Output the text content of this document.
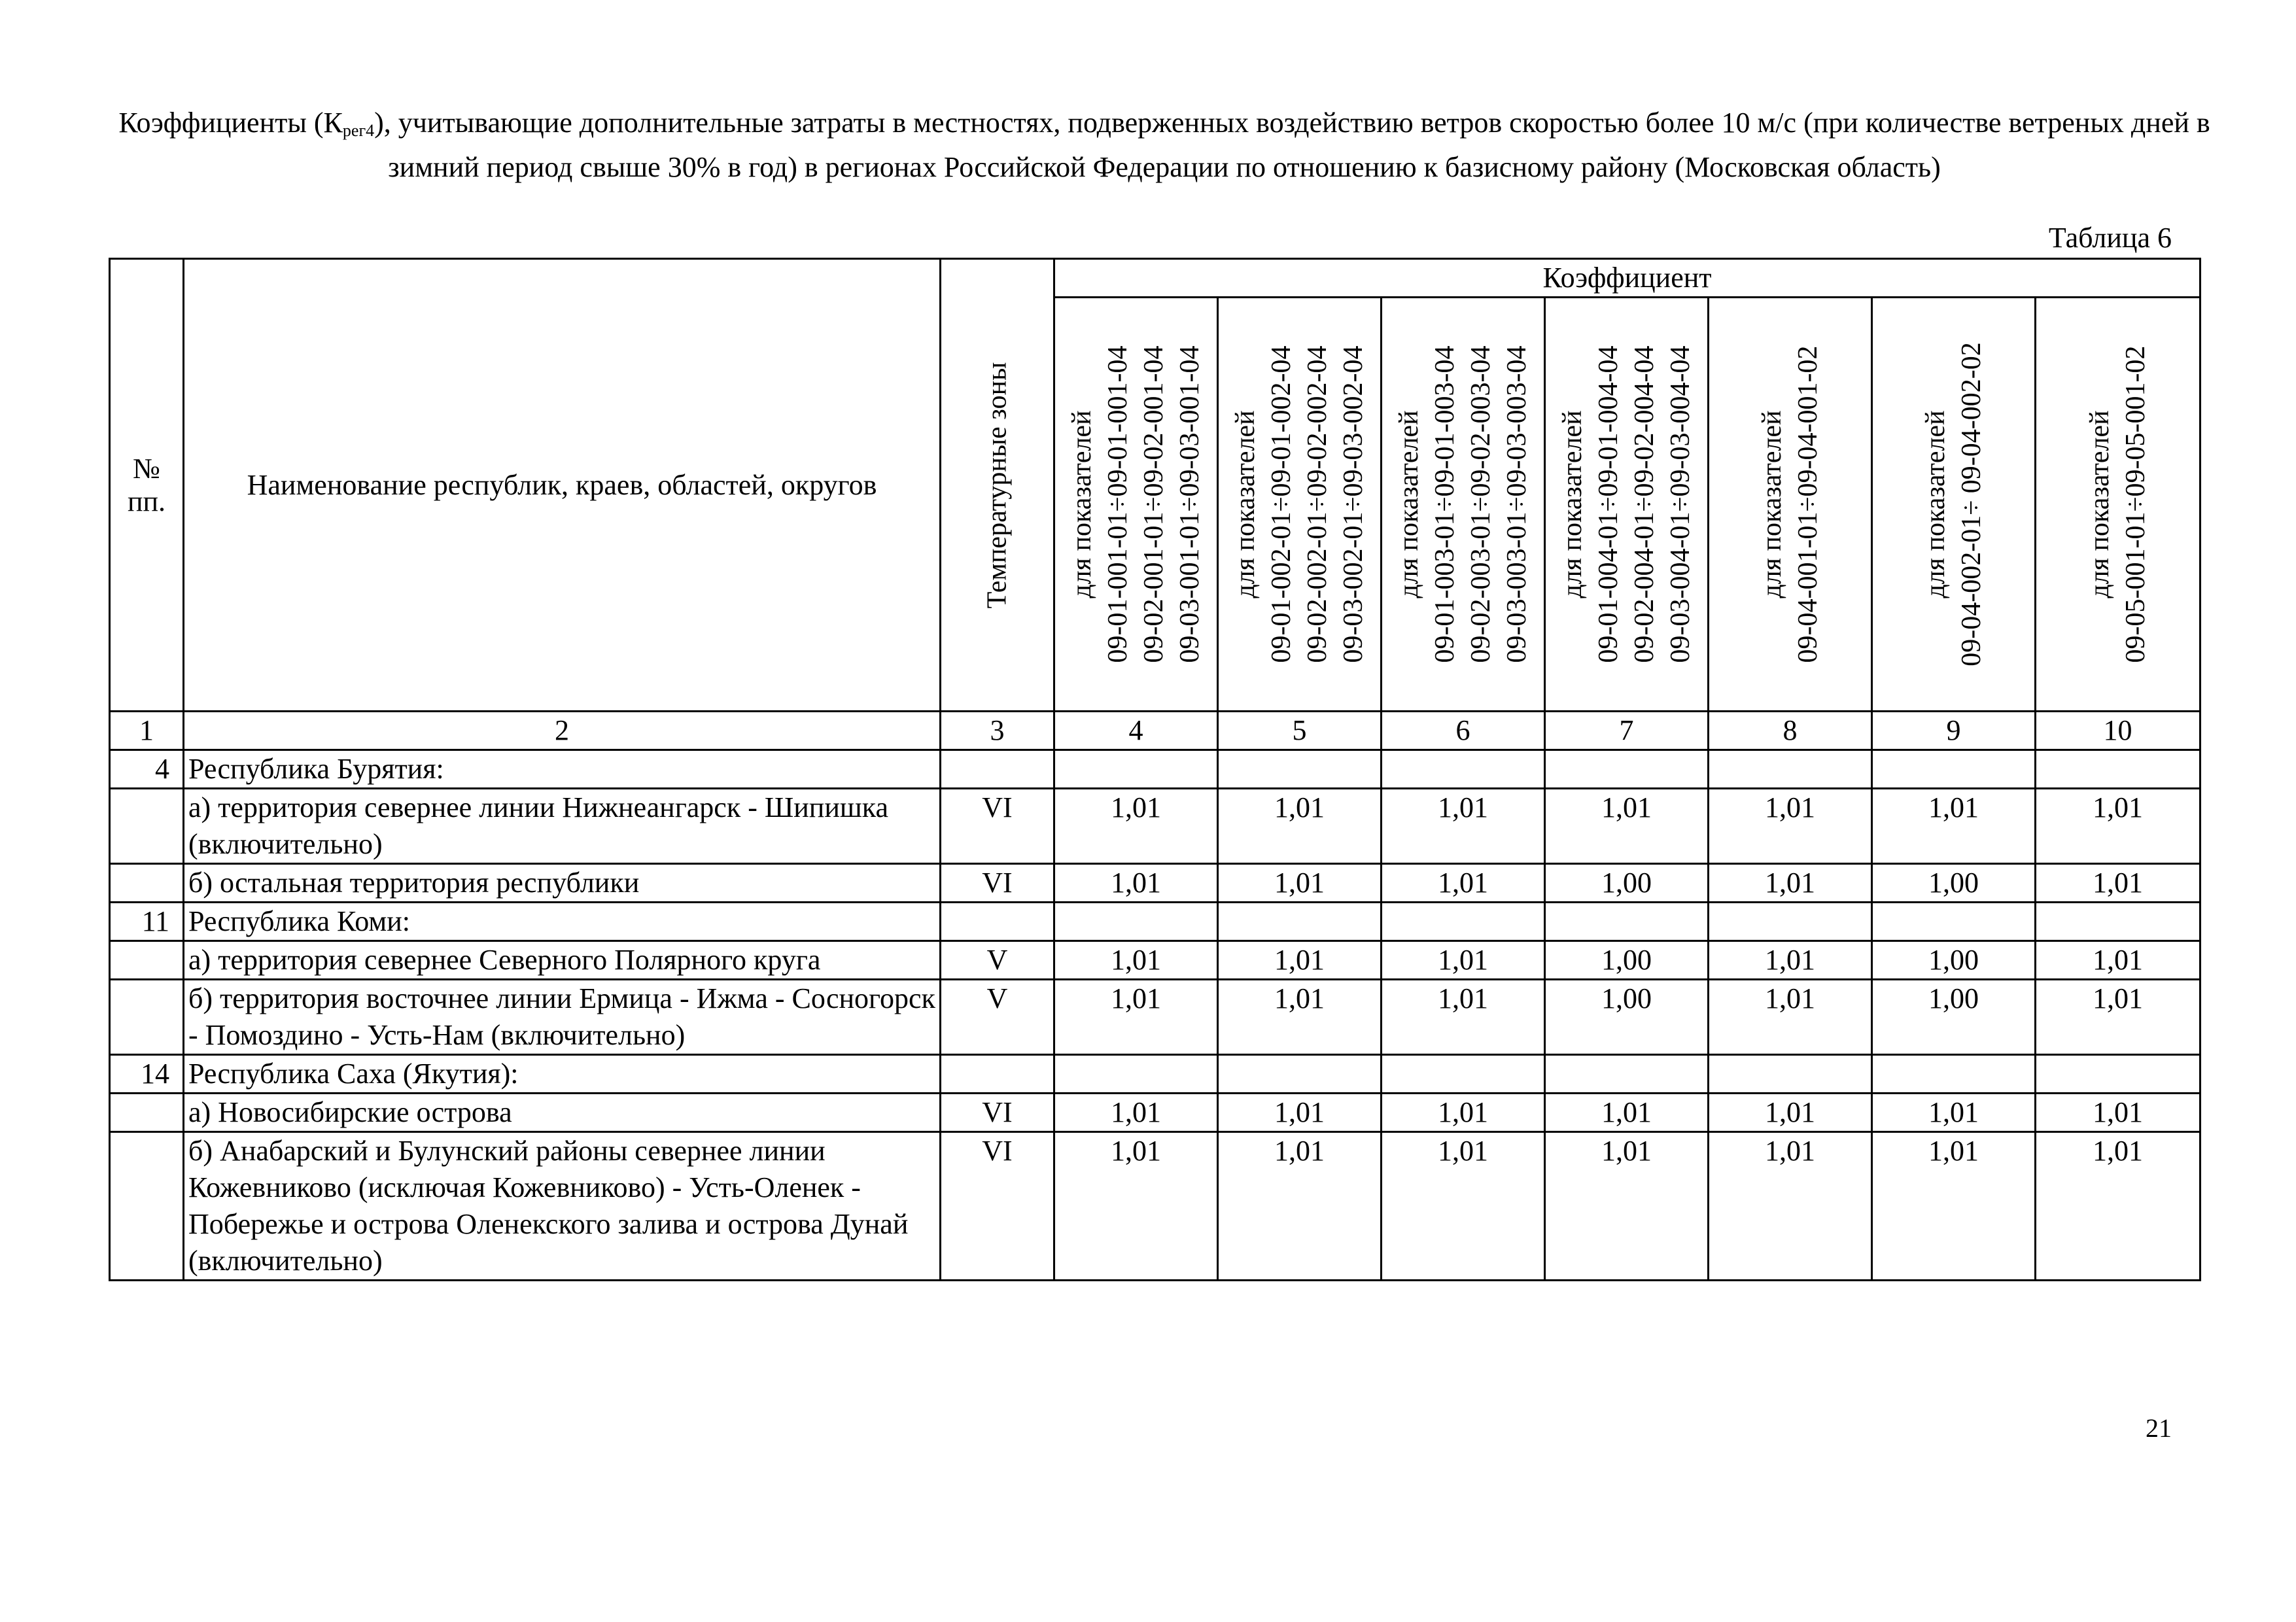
Коэффициенты $(К_{рег4})$, учитывающие дополнительные затраты в местностях, подверженных воздействию ветров скоростью более 10 м/с (при количестве ветреных дней в зимний период свыше 30% в год) в регионах Российской Федерации по отношению к базисному району (Московская область)
Таблица 6
№ пп.	Наименование республик, краев, областей, округов	Температурные зоны	Коэффициент						

			для показателей 09-01-001-01÷09-01-001-04 09-02-001-01÷09-02-001-04 09-03-001-01÷09-03-001-04	для показателей 09-01-002-01÷09-01-002-04 09-02-002-01÷09-02-002-04 09-03-002-01÷09-03-002-04	для показателей 09-01-003-01÷09-01-003-04 09-02-003-01÷09-02-003-04 09-03-003-01÷09-03-003-04	для показателей 09-01-004-01÷09-01-004-04 09-02-004-01÷09-02-004-04 09-03-004-01÷09-03-004-04	для показателей 09-04-001-01÷09-04-001-02	для показателей 09-04-002-01÷ 09-04-002-02	для показателей 09-05-001-01÷09-05-001-02

1	2	3	4	5	6	7	8	9	10
4	Республика Бурятия:								
	а) территория севернее линии Нижнеангарск - Шипишка (включительно)	VI	1,01	1,01	1,01	1,01	1,01	1,01	1,01
	б) остальная территория республики	VI	1,01	1,01	1,01	1,00	1,01	1,00	1,01
11	Республика Коми:								
	а) территория севернее Северного Полярного круга	V	1,01	1,01	1,01	1,00	1,01	1,00	1,01
	б) территория восточнее линии Ермица - Ижма - Сосногорск - Помоздино - Усть-Нам (включительно)	V	1,01	1,01	1,01	1,00	1,01	1,00	1,01
14	Республика Саха (Якутия):								
	а) Новосибирские острова	VI	1,01	1,01	1,01	1,01	1,01	1,01	1,01
	б) Анабарский и Булунский районы севернее линии Кожевниково (исключая Кожевниково) - Усть-Оленек - Побережье и острова Оленекского залива и острова Дунай (включительно)	VI	1,01	1,01	1,01	1,01	1,01	1,01	1,01
21
